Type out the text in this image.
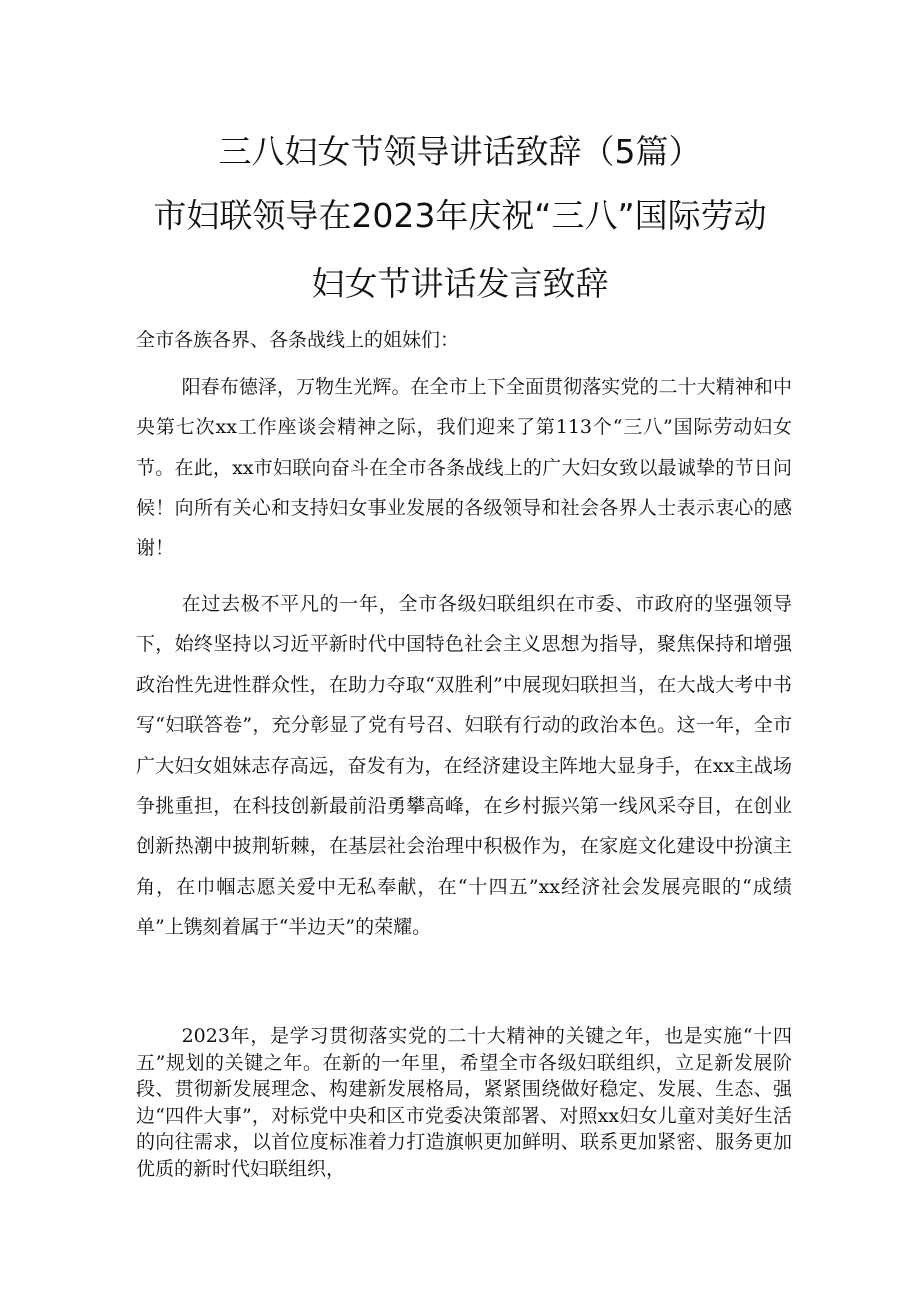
三八妇女节领导讲话致辞（5篇）
市妇联领导在2023年庆祝“三八”国际劳动
妇女节讲话发言致辞
全市各族各界、各条战线上的姐妹们：

阳春布德泽，万物生光辉。在全市上下全面贯彻落实党的二十大精神和中央第七次xx工作座谈会精神之际，我们迎来了第113个“三八”国际劳动妇女节。在此，xx市妇联向奋斗在全市各条战线上的广大妇女致以最诚挚的节日问候！向所有关心和支持妇女事业发展的各级领导和社会各界人士表示衷心的感谢！

在过去极不平凡的一年，全市各级妇联组织在市委、市政府的坚强领导下，始终坚持以习近平新时代中国特色社会主义思想为指导，聚焦保持和增强政治性先进性群众性，在助力夺取“双胜利”中展现妇联担当，在大战大考中书写“妇联答卷”，充分彰显了党有号召、妇联有行动的政治本色。这一年，全市广大妇女姐妹志存高远，奋发有为，在经济建设主阵地大显身手，在xx主战场争挑重担，在科技创新最前沿勇攀高峰，在乡村振兴第一线风采夺目，在创业创新热潮中披荆斩棘，在基层社会治理中积极作为，在家庭文化建设中扮演主角，在巾帼志愿关爱中无私奉献，在“十四五”xx经济社会发展亮眼的“成绩单”上镌刻着属于“半边天”的荣耀。

2023年，是学习贯彻落实党的二十大精神的关键之年，也是实施“十四五”规划的关键之年。在新的一年里，希望全市各级妇联组织，立足新发展阶段、贯彻新发展理念、构建新发展格局，紧紧围绕做好稳定、发展、生态、强边“四件大事”，对标党中央和区市党委决策部署、对照xx妇女儿童对美好生活的向往需求，以首位度标准着力打造旗帜更加鲜明、联系更加紧密、服务更加优质的新时代妇联组织，
